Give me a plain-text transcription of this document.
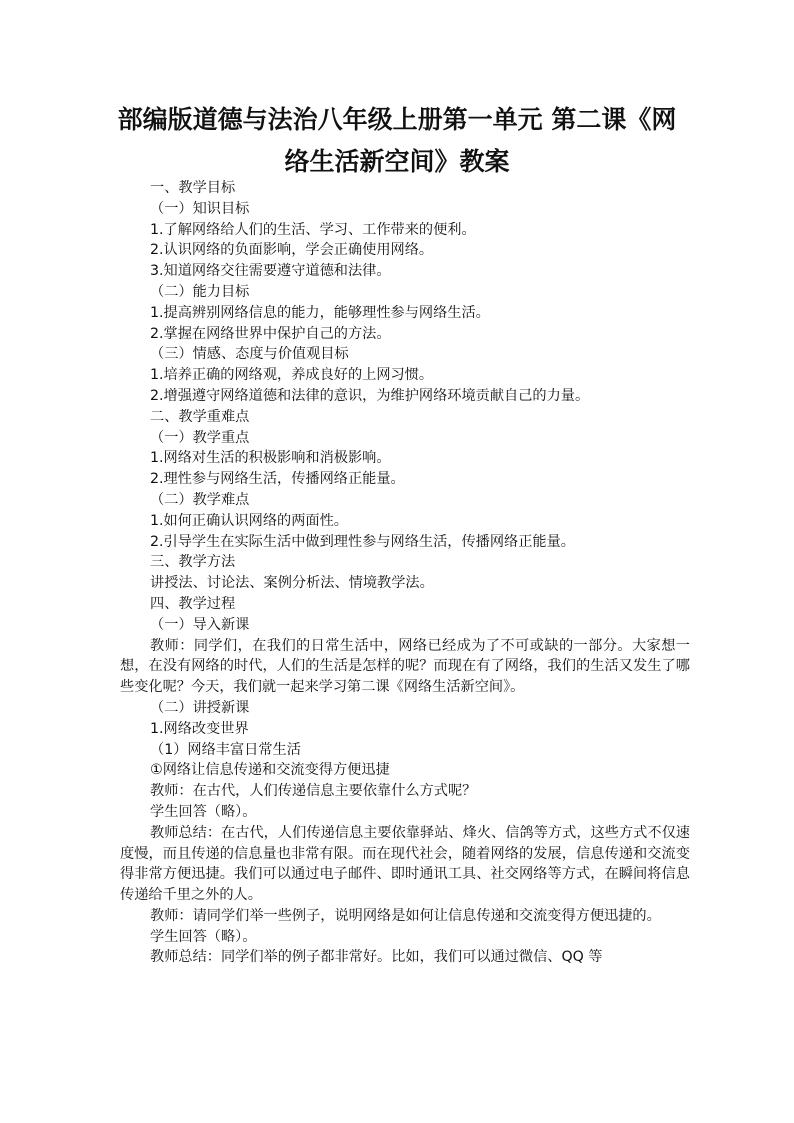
部编版道德与法治八年级上册第一单元 第二课《网
络生活新空间》教案

一、教学目标

（一）知识目标

1.了解网络给人们的生活、学习、工作带来的便利。

2.认识网络的负面影响，学会正确使用网络。

3.知道网络交往需要遵守道德和法律。

（二）能力目标

1.提高辨别网络信息的能力，能够理性参与网络生活。

2.掌握在网络世界中保护自己的方法。

（三）情感、态度与价值观目标

1.培养正确的网络观，养成良好的上网习惯。

2.增强遵守网络道德和法律的意识，为维护网络环境贡献自己的力量。

二、教学重难点

（一）教学重点

1.网络对生活的积极影响和消极影响。

2.理性参与网络生活，传播网络正能量。

（二）教学难点

1.如何正确认识网络的两面性。

2.引导学生在实际生活中做到理性参与网络生活，传播网络正能量。

三、教学方法

讲授法、讨论法、案例分析法、情境教学法。

四、教学过程

（一）导入新课

教师：同学们，在我们的日常生活中，网络已经成为了不可或缺的一部分。大家想一想，在没有网络的时代，人们的生活是怎样的呢？而现在有了网络，我们的生活又发生了哪些变化呢？今天，我们就一起来学习第二课《网络生活新空间》。

（二）讲授新课

1.网络改变世界

（1）网络丰富日常生活

①网络让信息传递和交流变得方便迅捷

教师：在古代，人们传递信息主要依靠什么方式呢？

学生回答（略）。

教师总结：在古代，人们传递信息主要依靠驿站、烽火、信鸽等方式，这些方式不仅速度慢，而且传递的信息量也非常有限。而在现代社会，随着网络的发展，信息传递和交流变得非常方便迅捷。我们可以通过电子邮件、即时通讯工具、社交网络等方式，在瞬间将信息传递给千里之外的人。

教师：请同学们举一些例子，说明网络是如何让信息传递和交流变得方便迅捷的。

学生回答（略）。

教师总结：同学们举的例子都非常好。比如，我们可以通过微信、QQ 等
